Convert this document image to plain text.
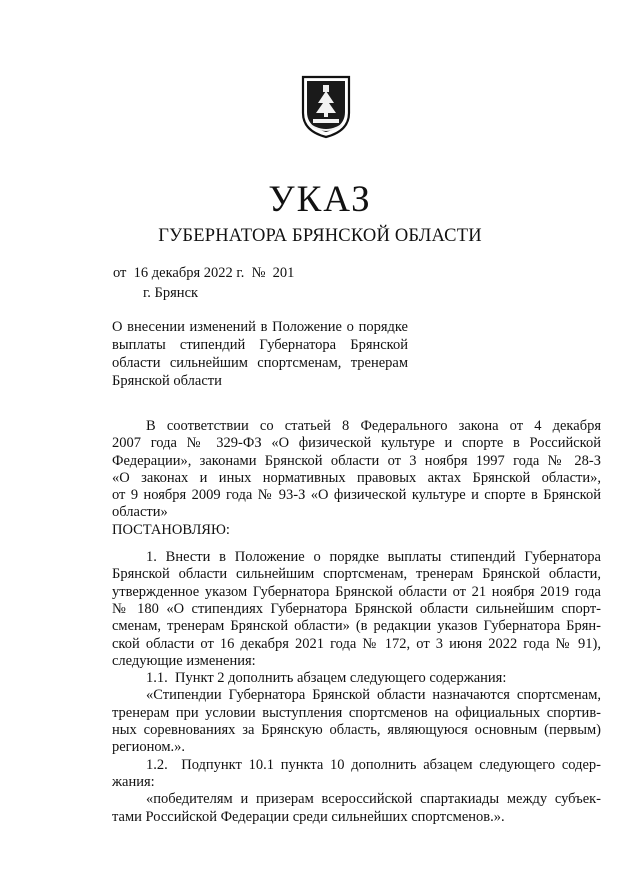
УКАЗ
ГУБЕРНАТОРА БРЯНСКОЙ ОБЛАСТИ
от  16 декабря 2022 г.  №  201
г. Брянск
О внесении изменений в Положение о порядке
выплаты стипендий Губернатора Брянской
области сильнейшим спортсменам, тренерам
Брянской области
В соответствии со статьей 8 Федерального закона от 4 декабря
2007 года № 329-ФЗ «О физической культуре и спорте в Российской
Федерации», законами Брянской области от 3 ноября 1997 года № 28-З
«О законах и иных нормативных правовых актах Брянской области»,
от 9 ноября 2009 года № 93-З «О физической культуре и спорте в Брянской
области»
ПОСТАНОВЛЯЮ:
1. Внести в Положение о порядке выплаты стипендий Губернатора
Брянской области сильнейшим спортсменам, тренерам Брянской области,
утвержденное указом Губернатора Брянской области от 21 ноября 2019 года
№ 180 «О стипендиях Губернатора Брянской области сильнейшим спорт-
сменам, тренерам Брянской области» (в редакции указов Губернатора Брян-
ской области от 16 декабря 2021 года № 172, от 3 июня 2022 года № 91),
следующие изменения:
1.1.  Пункт 2 дополнить абзацем следующего содержания:
«Стипендии Губернатора Брянской области назначаются спортсменам,
тренерам при условии выступления спортсменов на официальных спортив-
ных соревнованиях за Брянскую область, являющуюся основным (первым)
регионом.».
1.2.  Подпункт 10.1 пункта 10 дополнить абзацем следующего содер-
жания:
«победителям и призерам всероссийской спартакиады между субъек-
тами Российской Федерации среди сильнейших спортсменов.».
